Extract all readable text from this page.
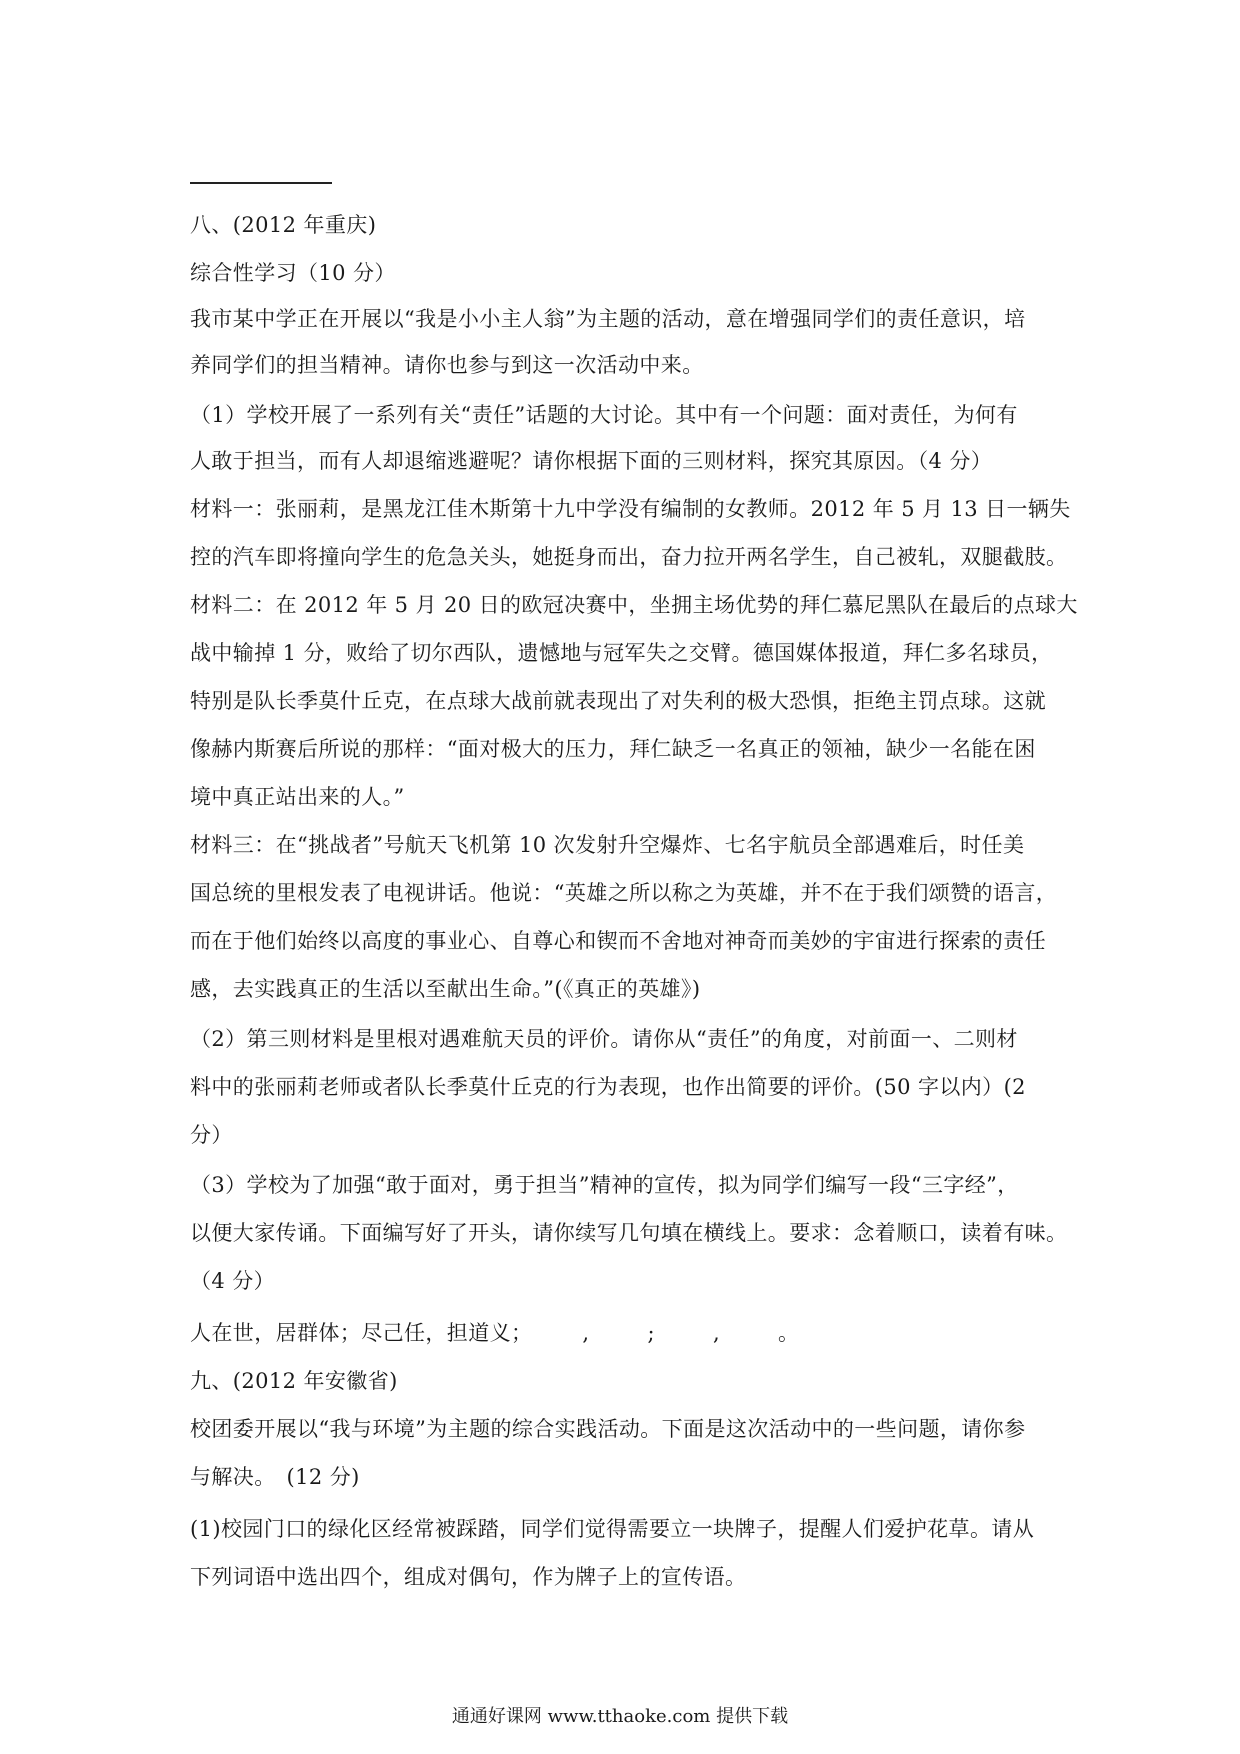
八、(2012 年重庆)
综合性学习（10 分）
我市某中学正在开展以“我是小小主人翁”为主题的活动，意在增强同学们的责任意识，培
养同学们的担当精神。请你也参与到这一次活动中来。
（1）学校开展了一系列有关“责任”话题的大讨论。其中有一个问题：面对责任，为何有
人敢于担当，而有人却退缩逃避呢？请你根据下面的三则材料，探究其原因。（4 分）
材料一：张丽莉，是黑龙江佳木斯第十九中学没有编制的女教师。2012 年 5 月 13 日一辆失
控的汽车即将撞向学生的危急关头，她挺身而出，奋力拉开两名学生，自己被轧，双腿截肢。
材料二：在 2012 年 5 月 20 日的欧冠决赛中，坐拥主场优势的拜仁慕尼黑队在最后的点球大
战中输掉 1 分，败给了切尔西队，遗憾地与冠军失之交臂。德国媒体报道，拜仁多名球员，
特别是队长季莫什丘克，在点球大战前就表现出了对失利的极大恐惧，拒绝主罚点球。这就
像赫内斯赛后所说的那样：“面对极大的压力，拜仁缺乏一名真正的领袖，缺少一名能在困
境中真正站出来的人。”
材料三：在“挑战者”号航天飞机第 10 次发射升空爆炸、七名宇航员全部遇难后，时任美
国总统的里根发表了电视讲话。他说：“英雄之所以称之为英雄，并不在于我们颂赞的语言，
而在于他们始终以高度的事业心、自尊心和锲而不舍地对神奇而美妙的宇宙进行探索的责任
感，去实践真正的生活以至献出生命。”(《真正的英雄》)
（2）第三则材料是里根对遇难航天员的评价。请你从“责任”的角度，对前面一、二则材
料中的张丽莉老师或者队长季莫什丘克的行为表现，也作出简要的评价。(50 字以内）(2
分）
（3）学校为了加强“敢于面对，勇于担当”精神的宣传，拟为同学们编写一段“三字经”，
以便大家传诵。下面编写好了开头，请你续写几句填在横线上。要求：念着顺口，读着有味。
（4 分）
人在世，居群体；尽己任，担道义； ,	;	,	。
九、(2012 年安徽省)
校团委开展以“我与环境”为主题的综合实践活动。下面是这次活动中的一些问题，请你参
与解决。　(12 分)
(1)校园门口的绿化区经常被踩踏，同学们觉得需要立一块牌子，提醒人们爱护花草。请从
下列词语中选出四个，组成对偶句，作为牌子上的宣传语。
通通好课网 www.tthaoke.com 提供下载
